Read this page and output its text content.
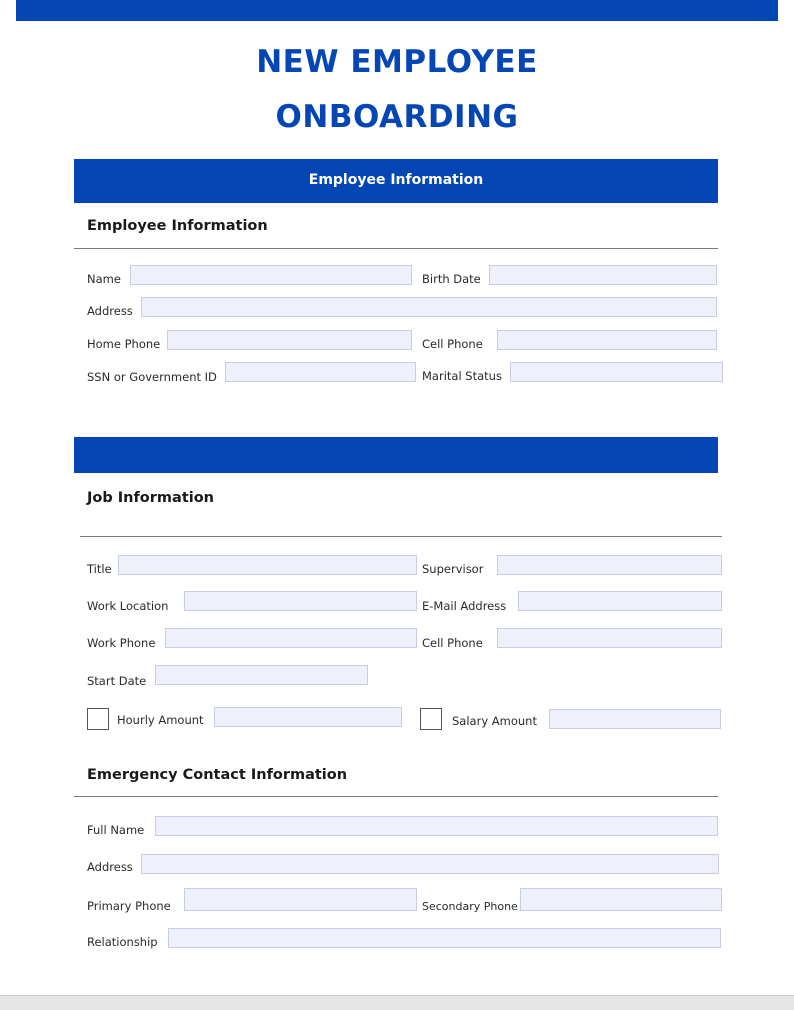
NEW EMPLOYEE
ONBOARDING
Employee Information
Employee Information
Name	Birth Date
Address
Home Phone	Cell Phone
SSN or Government ID	Marital Status
Job Information
Title	Supervisor
Work Location	E-Mail Address
Work Phone	Cell Phone
Start Date
Hourly Amount	Salary Amount
Emergency Contact Information
Full Name
Address
Primary Phone	Secondary Phone
Relationship
